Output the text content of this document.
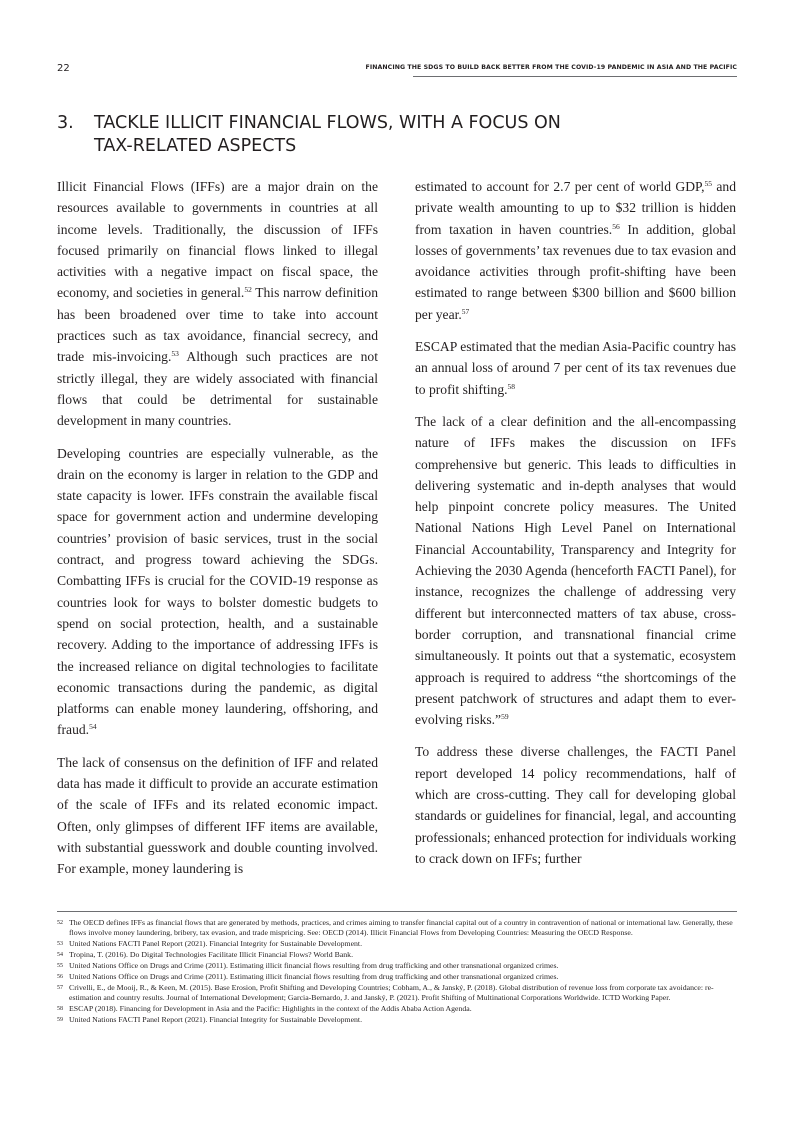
22	FINANCING THE SDGS TO BUILD BACK BETTER FROM THE COVID-19 PANDEMIC IN ASIA AND THE PACIFIC
3. TACKLE ILLICIT FINANCIAL FLOWS, WITH A FOCUS ON
TAX-RELATED ASPECTS

Illicit Financial Flows (IFFs) are a major drain on the resources available to governments in countries at all income levels. Traditionally, the discussion of IFFs focused primarily on financial flows linked to illegal activities with a negative impact on fiscal space, the economy, and societies in general.$^{52}$ This narrow definition has been broadened over time to take into account practices such as tax avoidance, financial secrecy, and trade mis-invoicing.$^{53}$ Although such practices are not strictly illegal, they are widely associated with financial flows that could be detrimental for sustainable development in many countries.

Developing countries are especially vulnerable, as the drain on the economy is larger in relation to the GDP and state capacity is lower. IFFs constrain the available fiscal space for government action and undermine developing countries’ provision of basic services, trust in the social contract, and progress toward achieving the SDGs. Combatting IFFs is crucial for the COVID-19 response as countries look for ways to bolster domestic budgets to spend on social protection, health, and a sustainable recovery. Adding to the importance of addressing IFFs is the increased reliance on digital technologies to facilitate economic transactions during the pandemic, as digital platforms can enable money laundering, offshoring, and fraud.$^{54}$

The lack of consensus on the definition of IFF and related data has made it difficult to provide an accurate estimation of the scale of IFFs and its related economic impact. Often, only glimpses of different IFF items are available, with substantial guesswork and double counting involved. For example, money laundering is

estimated to account for 2.7 per cent of world GDP,$^{55}$ and private wealth amounting to up to $32 trillion is hidden from taxation in haven countries.$^{56}$ In addition, global losses of governments’ tax revenues due to tax evasion and avoidance activities through profit-shifting have been estimated to range between $300 billion and $600 billion per year.$^{57}$

ESCAP estimated that the median Asia-Pacific country has an annual loss of around 7 per cent of its tax revenues due to profit shifting.$^{58}$

The lack of a clear definition and the all-encompassing nature of IFFs makes the discussion on IFFs comprehensive but generic. This leads to difficulties in delivering systematic and in-depth analyses that would help pinpoint concrete policy measures. The United National Nations High Level Panel on International Financial Accountability, Transparency and Integrity for Achieving the 2030 Agenda (henceforth FACTI Panel), for instance, recognizes the challenge of addressing very different but interconnected matters of tax abuse, cross-border corruption, and transnational financial crime simultaneously. It points out that a systematic, ecosystem approach is required to address “the shortcomings of the present patchwork of structures and adapt them to ever-evolving risks.”$^{59}$

To address these diverse challenges, the FACTI Panel report developed 14 policy recommendations, half of which are cross-cutting. They call for developing global standards or guidelines for financial, legal, and accounting professionals; enhanced protection for individuals working to crack down on IFFs; further

52 The OECD defines IFFs as financial flows that are generated by methods, practices, and crimes aiming to transfer financial capital out of a country in contravention of national or international law. Generally, these flows involve money laundering, bribery, tax evasion, and trade mispricing. See: OECD (2014). Illicit Financial Flows from Developing Countries: Measuring the OECD Response.
53 United Nations FACTI Panel Report (2021). Financial Integrity for Sustainable Development.
54 Tropina, T. (2016). Do Digital Technologies Facilitate Illicit Financial Flows? World Bank.
55 United Nations Office on Drugs and Crime (2011). Estimating illicit financial flows resulting from drug trafficking and other transnational organized crimes.
56 United Nations Office on Drugs and Crime (2011). Estimating illicit financial flows resulting from drug trafficking and other transnational organized crimes.
57 Crivelli, E., de Mooij, R., & Keen, M. (2015). Base Erosion, Profit Shifting and Developing Countries; Cobham, A., & Janský, P. (2018). Global distribution of revenue loss from corporate tax avoidance: re-estimation and country results. Journal of International Development; Garcia-Bernardo, J. and Janský, P. (2021). Profit Shifting of Multinational Corporations Worldwide. ICTD Working Paper.
58 ESCAP (2018). Financing for Development in Asia and the Pacific: Highlights in the context of the Addis Ababa Action Agenda.
59 United Nations FACTI Panel Report (2021). Financial Integrity for Sustainable Development.
